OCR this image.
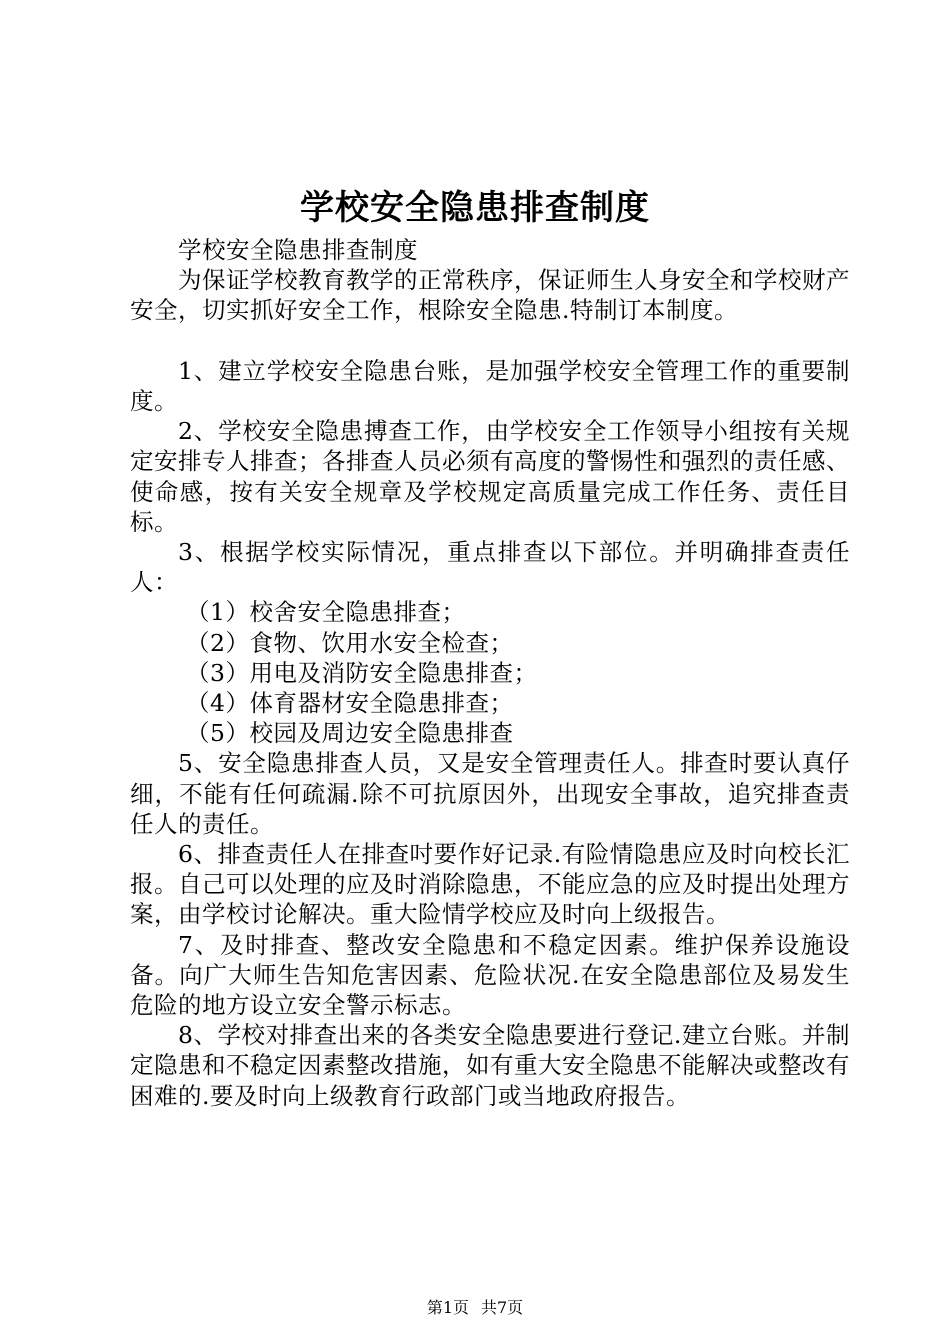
学校安全隐患排查制度

学校安全隐患排查制度

为保证学校教育教学的正常秩序，保证师生人身安全和学校财产安全，切实抓好安全工作，根除安全隐患.特制订本制度。

1、建立学校安全隐患台账，是加强学校安全管理工作的重要制度。

2、学校安全隐患搏查工作，由学校安全工作领导小组按有关规定安排专人排查；各排查人员必须有高度的警惕性和强烈的责任感、使命感，按有关安全规章及学校规定高质量完成工作任务、责任目标。

3、根据学校实际情况，重点排查以下部位。并明确排查责任人：

（1）校舍安全隐患排查；

（2）食物、饮用水安全检查；

（3）用电及消防安全隐患排查；

（4）体育器材安全隐患排查；

（5）校园及周边安全隐患排查

5、安全隐患排查人员，又是安全管理责任人。排查时要认真仔细，不能有任何疏漏.除不可抗原因外，出现安全事故，追究排查责任人的责任。

6、排查责任人在排查吋要作好记录.有险情隐患应及时向校长汇报。自己可以处理的应及时消除隐患，不能应急的应及时提出处理方案，由学校讨论解决。重大险情学校应及时向上级报告。

7、及时排查、整改安全隐患和不稳定因素。维护保养设施设备。向广大师生告知危害因素、危险状况.在安全隐患部位及易发生危险的地方设立安全警示标志。

8、学校对排查出来的各类安全隐患要进行登记.建立台账。并制定隐患和不稳定因素整改措施，如有重大安全隐患不能解决或整改有困难的.要及时向上级教育行政部门或当地政府报告。

第1页 共7页
